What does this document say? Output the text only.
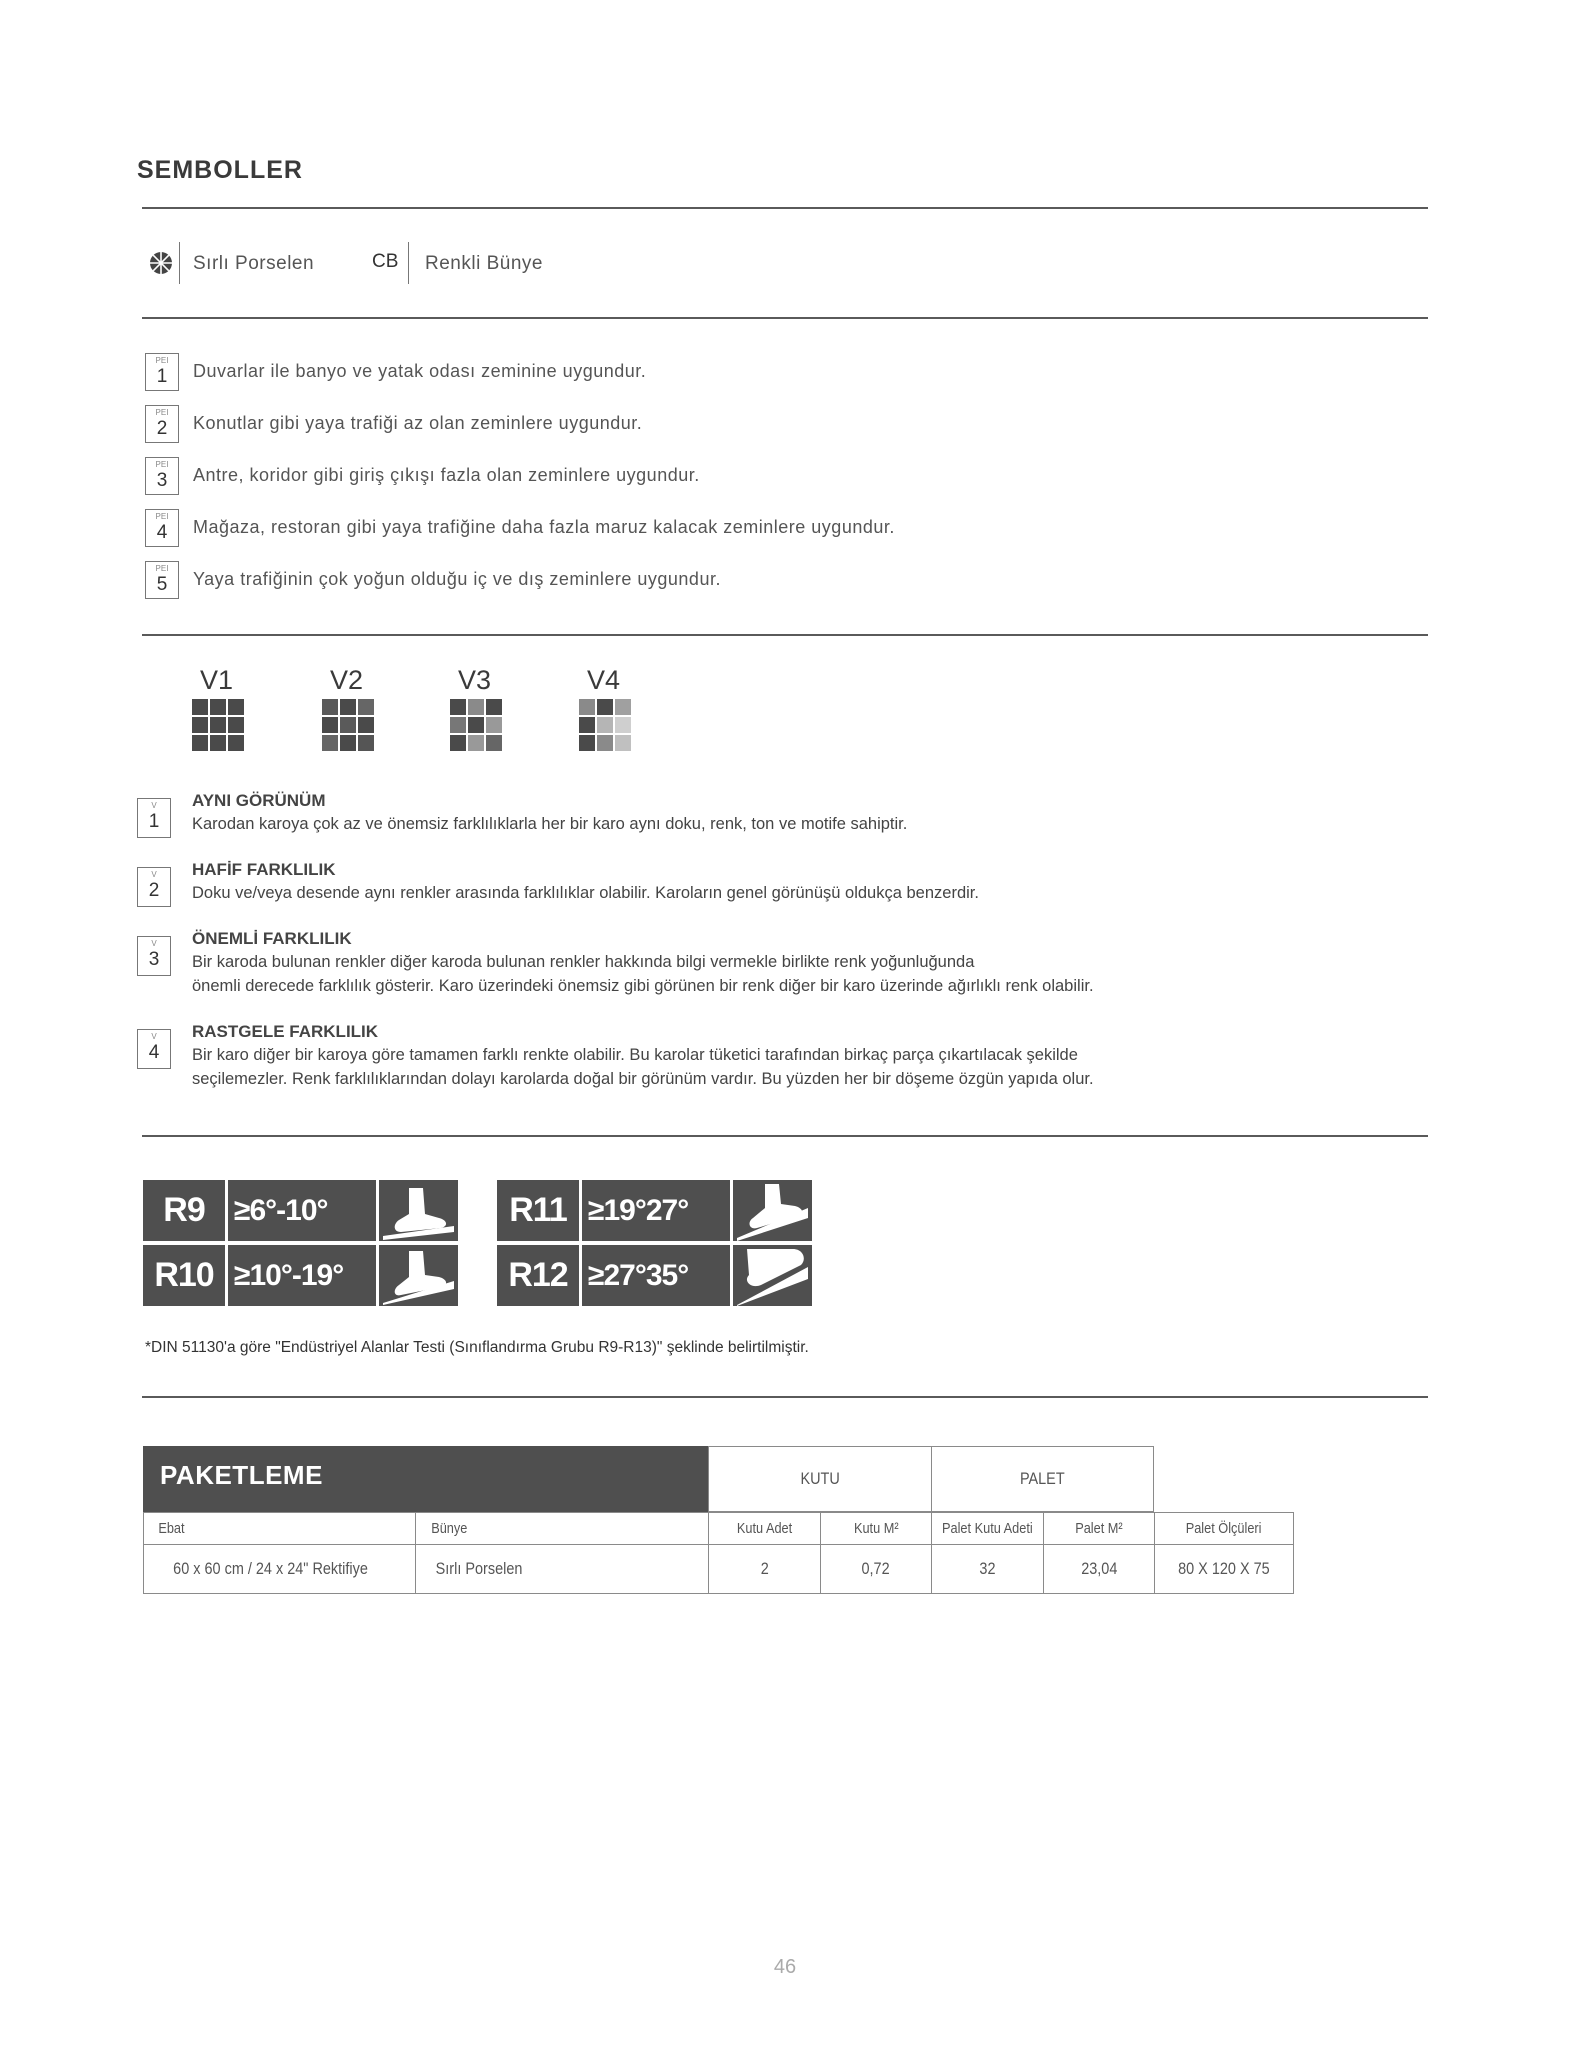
SEMBOLLER
Sırlı Porselen	CB Renkli Bünye
PEI
1	Duvarlar ile banyo ve yatak odası zeminine uygundur.
PEI
2	Konutlar gibi yaya trafiği az olan zeminlere uygundur.
PEI
3	Antre, koridor gibi giriş çıkışı fazla olan zeminlere uygundur.
PEI
4	Mağaza, restoran gibi yaya trafiğine daha fazla maruz kalacak zeminlere uygundur.
PEI
5	Yaya trafiğinin çok yoğun olduğu iç ve dış zeminlere uygundur.
V1	V2	V3	V4
V
1
AYNI GÖRÜNÜM
Karodan karoya çok az ve önemsiz farklılıklarla her bir karo aynı doku, renk, ton ve motife sahiptir.
V
2
HAFİF FARKLILIK
Doku ve/veya desende aynı renkler arasında farklılıklar olabilir. Karoların genel görünüşü oldukça benzerdir.
V
3
ÖNEMLİ FARKLILIK
Bir karoda bulunan renkler diğer karoda bulunan renkler hakkında bilgi vermekle birlikte renk yoğunluğunda
önemli derecede farklılık gösterir. Karo üzerindeki önemsiz gibi görünen bir renk diğer bir karo üzerinde ağırlıklı renk olabilir.
V
4
RASTGELE FARKLILIK
Bir karo diğer bir karoya göre tamamen farklı renkte olabilir. Bu karolar tüketici tarafından birkaç parça çıkartılacak şekilde
seçilemezler. Renk farklılıklarından dolayı karolarda doğal bir görünüm vardır. Bu yüzden her bir döşeme özgün yapıda olur.
R9 ≥6°-10°
R10 ≥10°-19°
R11 ≥19°27°
R12 ≥27°35°
*DIN 51130'a göre "Endüstriyel Alanlar Testi (Sınıflandırma Grubu R9-R13)" şeklinde belirtilmiştir.
PAKETLEME	KUTU	PALET
Ebat	Bünye	Kutu Adet	Kutu M²	Palet Kutu Adeti	Palet M²	Palet Ölçüleri
60 x 60 cm / 24 x 24" Rektifiye	Sırlı Porselen	2	0,72	32	23,04	80 X 120 X 75
46
